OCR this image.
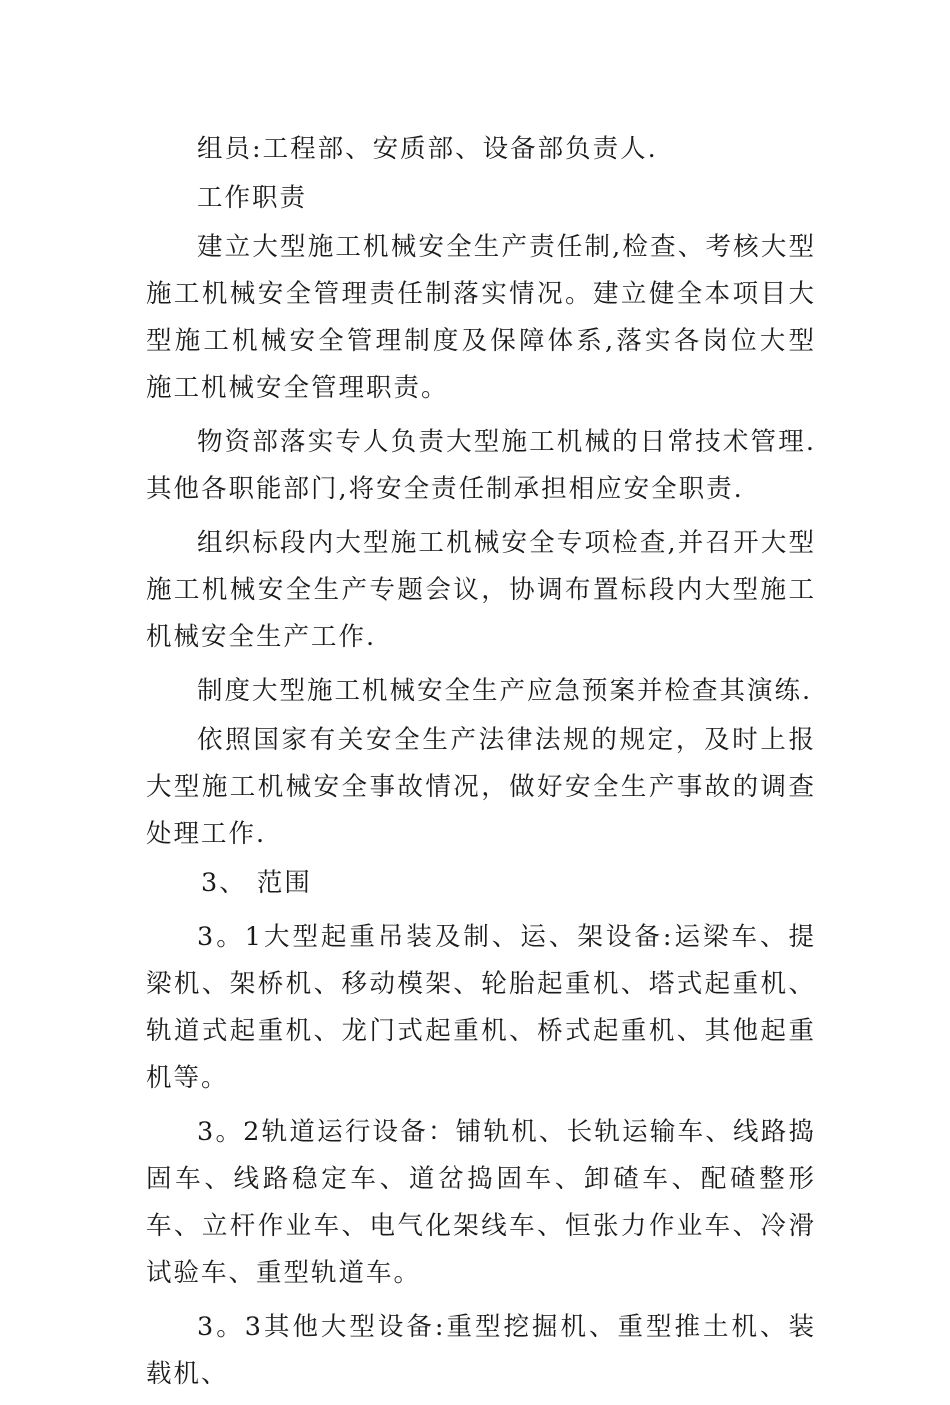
组员:工程部、安质部、设备部负责人.

工作职责

建立大型施工机械安全生产责任制,检查、考核大型施工机械安全管理责任制落实情况。建立健全本项目大型施工机械安全管理制度及保障体系,落实各岗位大型施工机械安全管理职责。

物资部落实专人负责大型施工机械的日常技术管理.其他各职能部门,将安全责任制承担相应安全职责.

组织标段内大型施工机械安全专项检查,并召开大型施工机械安全生产专题会议，协调布置标段内大型施工机械安全生产工作.

制度大型施工机械安全生产应急预案并检查其演练.

依照国家有关安全生产法律法规的规定，及时上报大型施工机械安全事故情况，做好安全生产事故的调查处理工作.

3、 范围

3。1大型起重吊装及制、运、架设备:运梁车、提梁机、架桥机、移动模架、轮胎起重机、塔式起重机、轨道式起重机、龙门式起重机、桥式起重机、其他起重机等。

3。2轨道运行设备：铺轨机、长轨运输车、线路捣固车、线路稳定车、道岔捣固车、卸碴车、配碴整形车、立杆作业车、电气化架线车、恒张力作业车、冷滑试验车、重型轨道车。

3。3其他大型设备:重型挖掘机、重型推土机、装载机、
